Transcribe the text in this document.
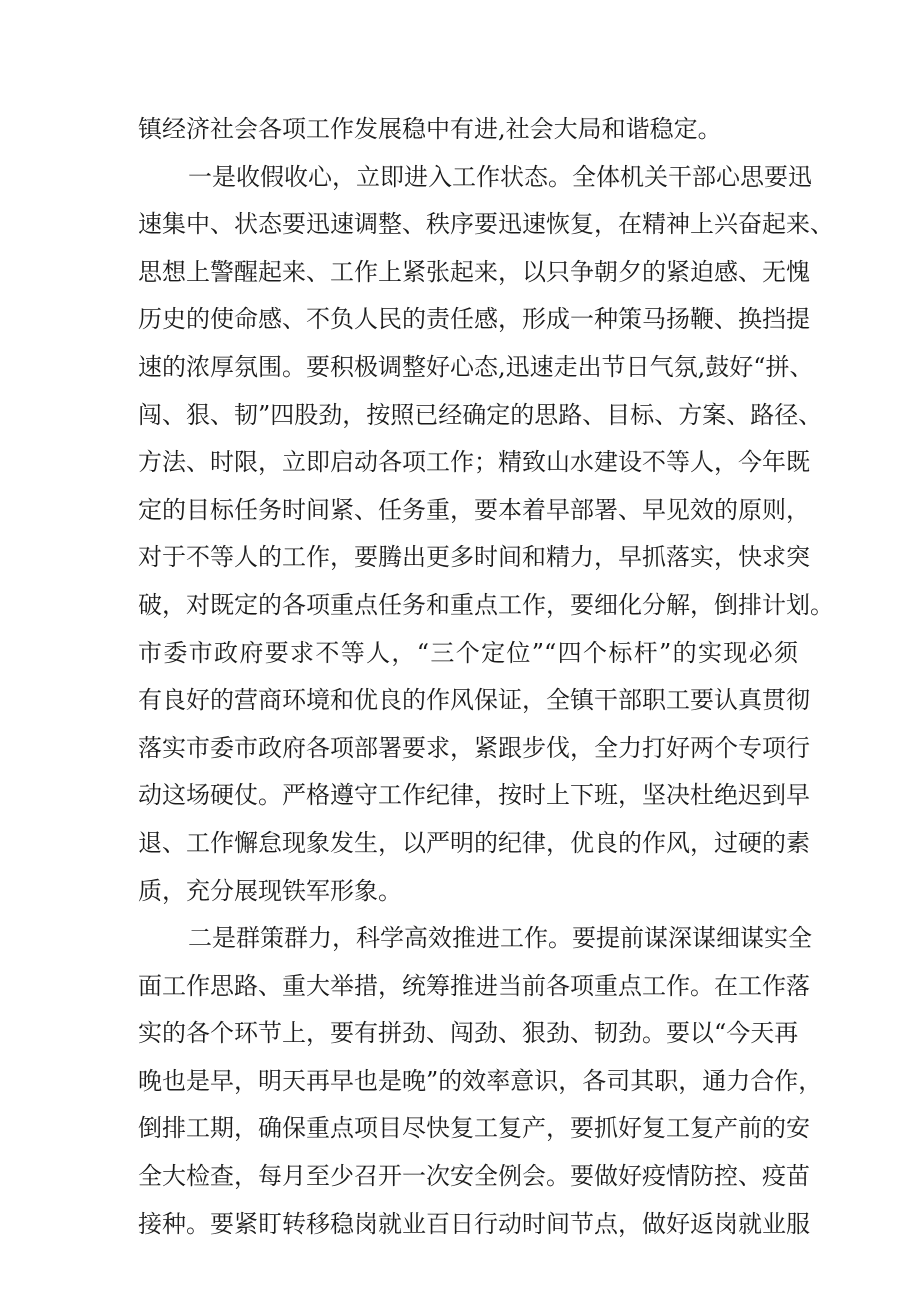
镇经济社会各项工作发展稳中有进,社会大局和谐稳定。
一是收假收心，立即进入工作状态。全体机关干部心思要迅
速集中、状态要迅速调整、秩序要迅速恢复，在精神上兴奋起来、
思想上警醒起来、工作上紧张起来，以只争朝夕的紧迫感、无愧
历史的使命感、不负人民的责任感，形成一种策马扬鞭、换挡提
速的浓厚氛围。要积极调整好心态,迅速走出节日气氛,鼓好“拼、
闯、狠、韧”四股劲，按照已经确定的思路、目标、方案、路径、
方法、时限，立即启动各项工作；精致山水建设不等人，今年既
定的目标任务时间紧、任务重，要本着早部署、早见效的原则，
对于不等人的工作，要腾出更多时间和精力，早抓落实，快求突
破，对既定的各项重点任务和重点工作，要细化分解，倒排计划。
市委市政府要求不等人，“三个定位”“四个标杆”的实现必须
有良好的营商环境和优良的作风保证，全镇干部职工要认真贯彻
落实市委市政府各项部署要求，紧跟步伐，全力打好两个专项行
动这场硬仗。严格遵守工作纪律，按时上下班，坚决杜绝迟到早
退、工作懈怠现象发生，以严明的纪律，优良的作风，过硬的素
质，充分展现铁军形象。
二是群策群力，科学高效推进工作。要提前谋深谋细谋实全
面工作思路、重大举措，统筹推进当前各项重点工作。在工作落
实的各个环节上，要有拼劲、闯劲、狠劲、韧劲。要以“今天再
晚也是早，明天再早也是晚”的效率意识，各司其职，通力合作，
倒排工期，确保重点项目尽快复工复产，要抓好复工复产前的安
全大检查，每月至少召开一次安全例会。要做好疫情防控、疫苗
接种。要紧盯转移稳岗就业百日行动时间节点，做好返岗就业服
